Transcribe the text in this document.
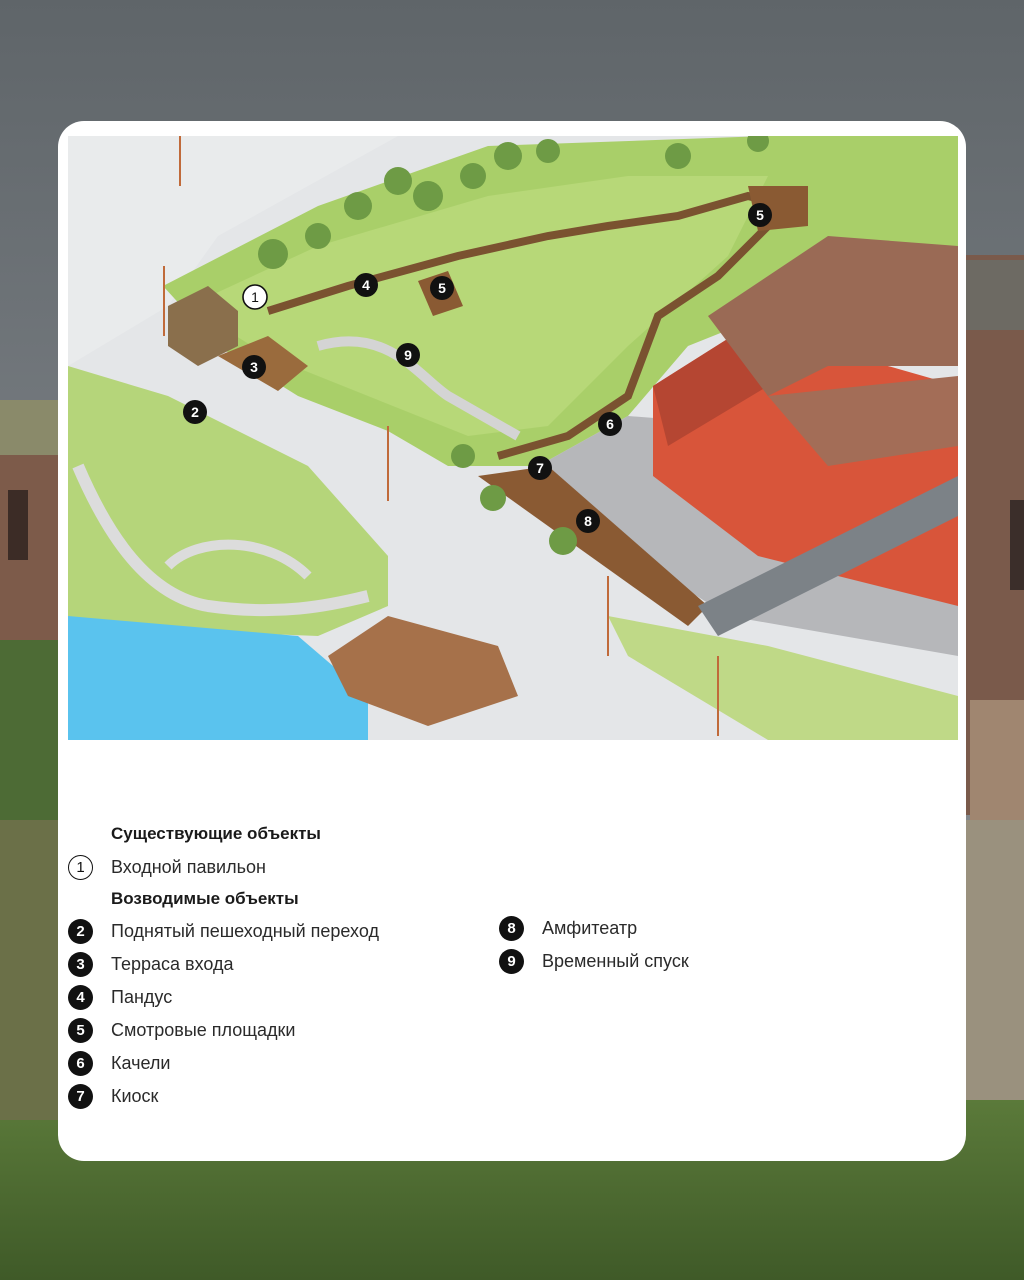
1
2
3
4	5
5
6
7
8
9
Существующие объекты
1	Входной павильон
Возводимые объекты
2	Поднятый пешеходный переход
3	Терраса входа
4	Пандус
5	Смотровые площадки
6	Качели
7	Киоск
8	Амфитеатр
9	Временный спуск
